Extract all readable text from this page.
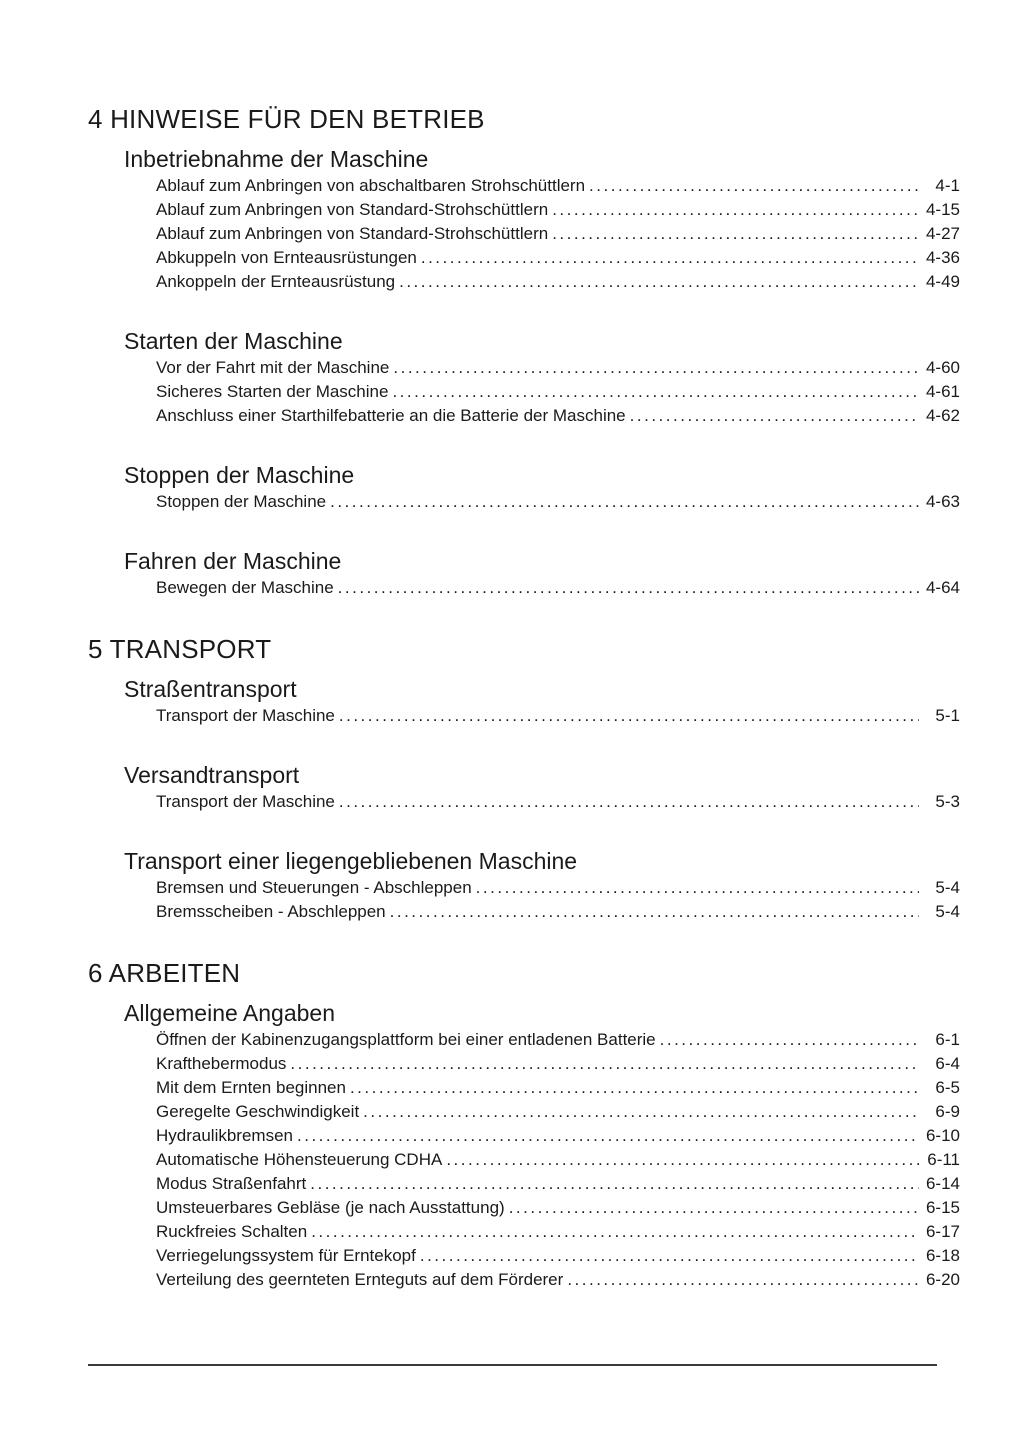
4 HINWEISE FÜR DEN BETRIEB
Inbetriebnahme der Maschine
Ablauf zum Anbringen von abschaltbaren Strohschüttlern .....	4-1
Ablauf zum Anbringen von Standard-Strohschüttlern .....	4-15
Ablauf zum Anbringen von Standard-Strohschüttlern .....	4-27
Abkuppeln von Ernteausrüstungen .....	4-36
Ankoppeln der Ernteausrüstung .....	4-49
Starten der Maschine
Vor der Fahrt mit der Maschine .....	4-60
Sicheres Starten der Maschine .....	4-61
Anschluss einer Starthilfebatterie an die Batterie der Maschine .....	4-62
Stoppen der Maschine
Stoppen der Maschine .....	4-63
Fahren der Maschine
Bewegen der Maschine .....	4-64
5 TRANSPORT
Straßentransport
Transport der Maschine .....	5-1
Versandtransport
Transport der Maschine .....	5-3
Transport einer liegengebliebenen Maschine
Bremsen und Steuerungen - Abschleppen .....	5-4
Bremsscheiben - Abschleppen .....	5-4
6 ARBEITEN
Allgemeine Angaben
Öffnen der Kabinenzugangsplattform bei einer entladenen Batterie .....	6-1
Krafthebermodus .....	6-4
Mit dem Ernten beginnen .....	6-5
Geregelte Geschwindigkeit .....	6-9
Hydraulikbremsen .....	6-10
Automatische Höhensteuerung CDHA .....	6-11
Modus Straßenfahrt .....	6-14
Umsteuerbares Gebläse (je nach Ausstattung) .....	6-15
Ruckfreies Schalten .....	6-17
Verriegelungssystem für Erntekopf .....	6-18
Verteilung des geernteten Ernteguts auf dem Förderer .....	6-20
